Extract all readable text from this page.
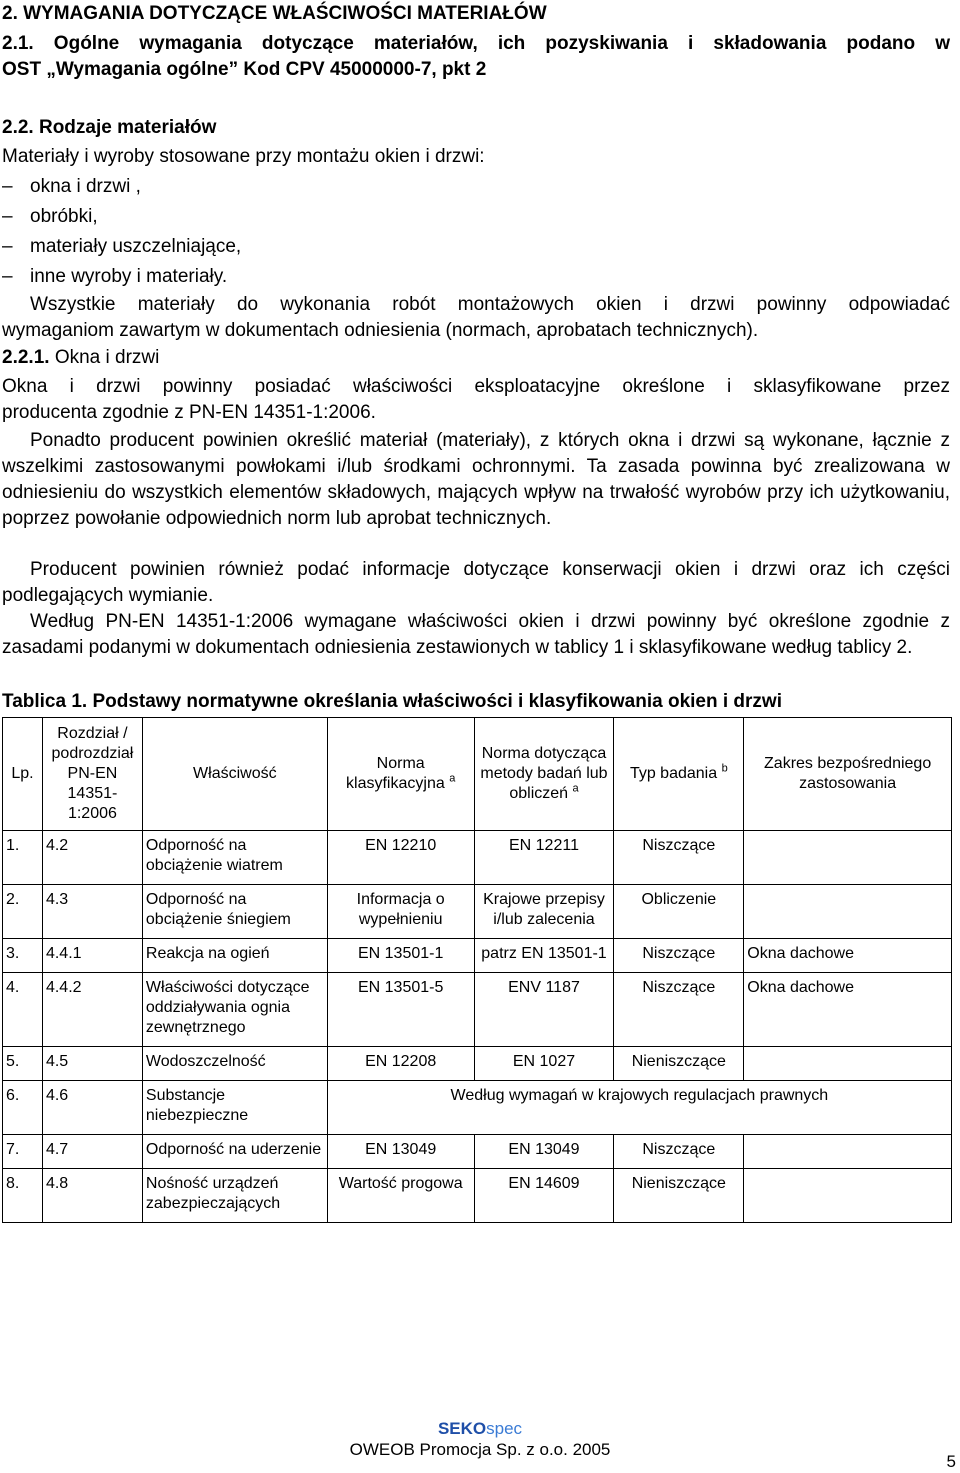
2. WYMAGANIA DOTYCZĄCE WŁAŚCIWOŚCI MATERIAŁÓW
2.1. Ogólne wymagania dotyczące materiałów, ich pozyskiwania i składowania podano w
OST „Wymagania ogólne” Kod CPV 45000000-7, pkt 2
2.2. Rodzaje materiałów
Materiały i wyroby stosowane przy montażu okien i drzwi:
– okna i drzwi ,
– obróbki,
– materiały uszczelniające,
– inne wyroby i materiały.
Wszystkie materiały do wykonania robót montażowych okien i drzwi powinny odpowiadać
wymaganiom zawartym w dokumentach odniesienia (normach, aprobatach technicznych).
2.2.1. Okna i drzwi
Okna i drzwi powinny posiadać właściwości eksploatacyjne określone i sklasyfikowane przez
producenta zgodnie z PN-EN 14351-1:2006.
Ponadto producent powinien określić materiał (materiały), z których okna i drzwi są wykonane, łącznie z wszelkimi zastosowanymi powłokami i/lub środkami ochronnymi. Ta zasada powinna być zrealizowana w odniesieniu do wszystkich elementów składowych, mających wpływ na trwałość wyrobów przy ich użytkowaniu, poprzez powołanie odpowiednich norm lub aprobat technicznych.
Producent powinien również podać informacje dotyczące konserwacji okien i drzwi oraz ich części podlegających wymianie.
Według PN-EN 14351-1:2006 wymagane właściwości okien i drzwi powinny być określone zgodnie z zasadami podanymi w dokumentach odniesienia zestawionych w tablicy 1 i sklasyfikowane według tablicy 2.
Tablica 1. Podstawy normatywne określania właściwości i klasyfikowania okien i drzwi
Lp.	Rozdział / podrozdział PN-EN 14351-1:2006	Właściwość	Norma klasyfikacyjna $^a$	Norma dotycząca metody badań lub obliczeń $^a$	Typ badania $^b$	Zakres bezpośredniego zastosowania
1.	4.2	Odporność na obciążenie wiatrem	EN 12210	EN 12211	Niszczące	
2.	4.3	Odporność na obciążenie śniegiem	Informacja o wypełnieniu	Krajowe przepisy i/lub zalecenia	Obliczenie	
3.	4.4.1	Reakcja na ogień	EN 13501-1	patrz EN 13501-1	Niszczące	Okna dachowe
4.	4.4.2	Właściwości dotyczące oddziaływania ognia zewnętrznego	EN 13501-5	ENV 1187	Niszczące	Okna dachowe
5.	4.5	Wodoszczelność	EN 12208	EN 1027	Nieniszczące	
6.	4.6	Substancje niebezpieczne	Według wymagań w krajowych regulacjach prawnych			
7.	4.7	Odporność na uderzenie	EN 13049	EN 13049	Niszczące	
8.	4.8	Nośność urządzeń zabezpieczających	Wartość progowa	EN 14609	Nieniszczące	
SEKOspec
OWEOB Promocja Sp. z o.o. 2005
5
